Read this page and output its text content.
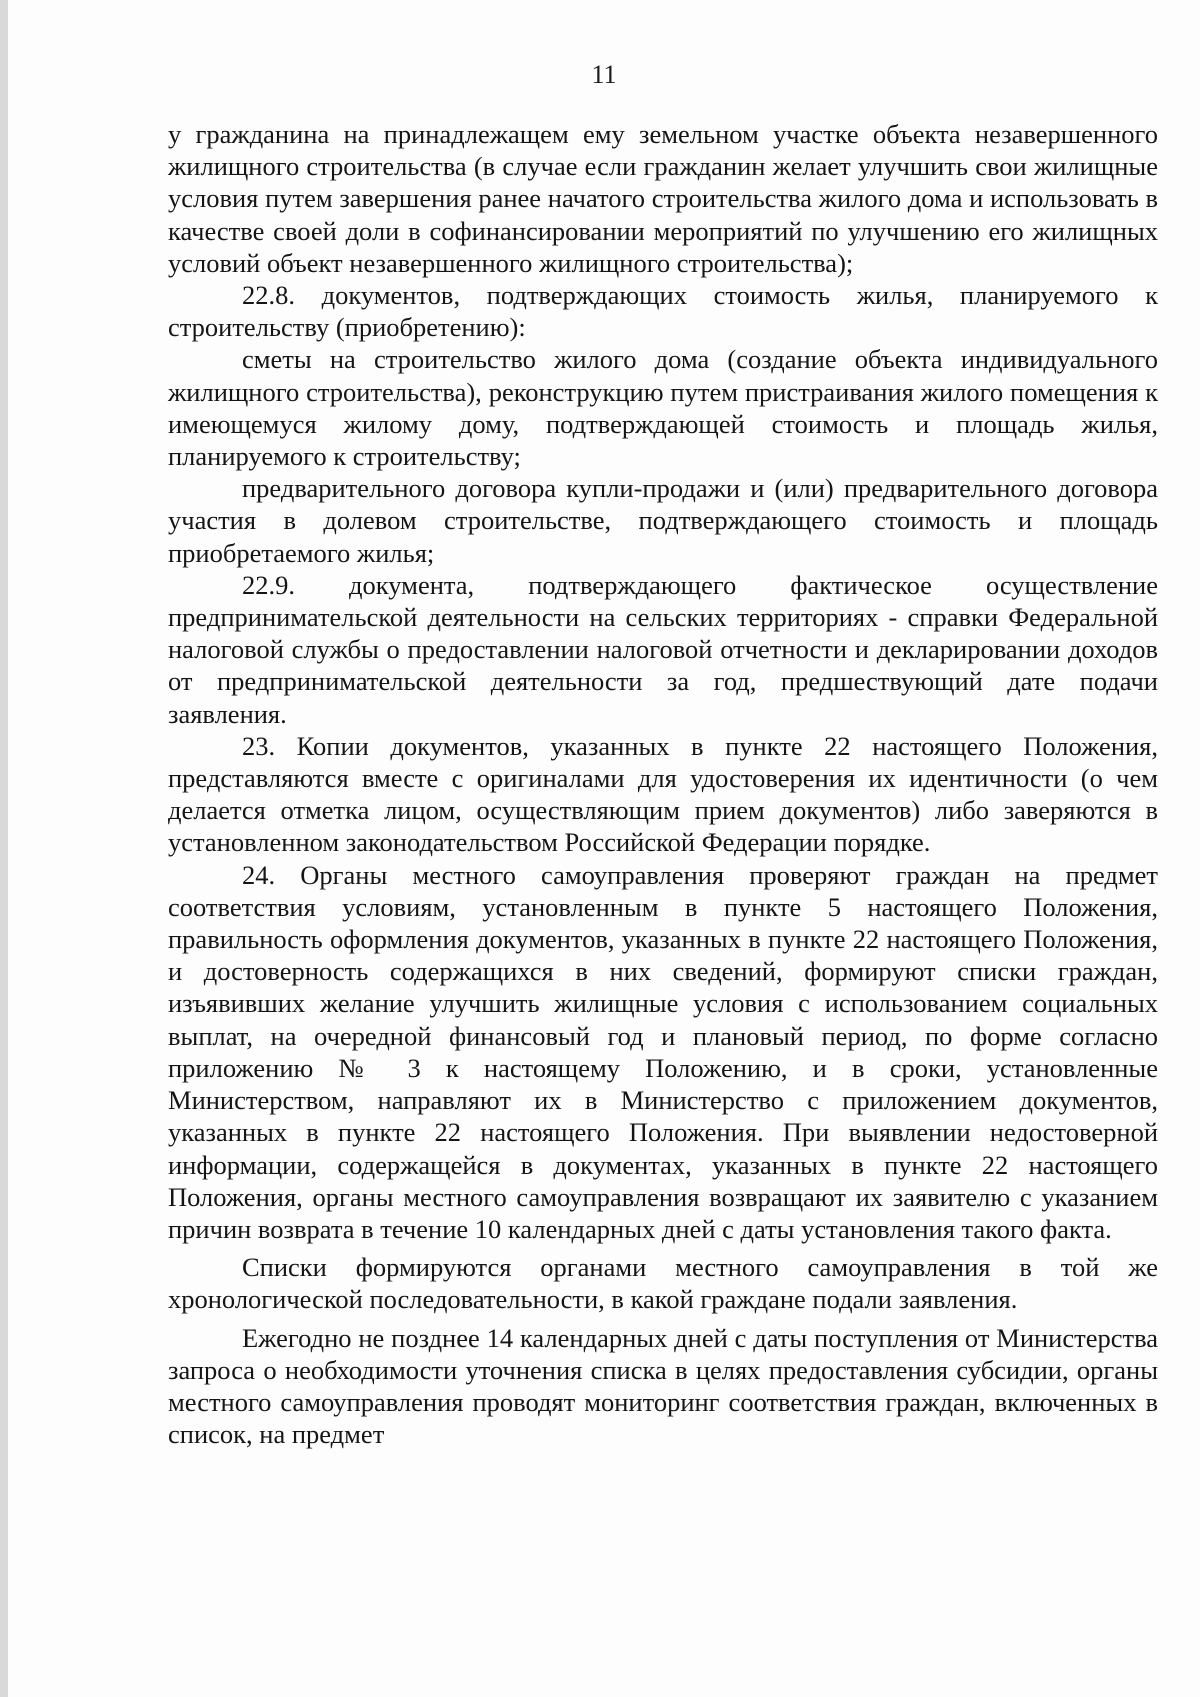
11

у гражданина на принадлежащем ему земельном участке объекта незавершенного жилищного строительства (в случае если гражданин желает улучшить свои жилищные условия путем завершения ранее начатого строительства жилого дома и использовать в качестве своей доли в софинансировании мероприятий по улучшению его жилищных условий объект незавершенного жилищного строительства);

22.8. документов, подтверждающих стоимость жилья, планируемого к строительству (приобретению):

сметы на строительство жилого дома (создание объекта индивидуального жилищного строительства), реконструкцию путем пристраивания жилого помещения к имеющемуся жилому дому, подтверждающей стоимость и площадь жилья, планируемого к строительству;

предварительного договора купли-продажи и (или) предварительного договора участия в долевом строительстве, подтверждающего стоимость и площадь приобретаемого жилья;

22.9. документа, подтверждающего фактическое осуществление предпринимательской деятельности на сельских территориях - справки Федеральной налоговой службы о предоставлении налоговой отчетности и декларировании доходов от предпринимательской деятельности за год, предшествующий дате подачи заявления.

23. Копии документов, указанных в пункте 22 настоящего Положения, представляются вместе с оригиналами для удостоверения их идентичности (о чем делается отметка лицом, осуществляющим прием документов) либо заверяются в установленном законодательством Российской Федерации порядке.

24. Органы местного самоуправления проверяют граждан на предмет соответствия условиям, установленным в пункте 5 настоящего Положения, правильность оформления документов, указанных в пункте 22 настоящего Положения, и достоверность содержащихся в них сведений, формируют списки граждан, изъявивших желание улучшить жилищные условия с использованием социальных выплат, на очередной финансовый год и плановый период, по форме согласно приложению № 3 к настоящему Положению, и в сроки, установленные Министерством, направляют их в Министерство с приложением документов, указанных в пункте 22 настоящего Положения. При выявлении недостоверной информации, содержащейся в документах, указанных в пункте 22 настоящего Положения, органы местного самоуправления возвращают их заявителю с указанием причин возврата в течение 10 календарных дней с даты установления такого факта.

Списки формируются органами местного самоуправления в той же хронологической последовательности, в какой граждане подали заявления.

Ежегодно не позднее 14 календарных дней с даты поступления от Министерства запроса о необходимости уточнения списка в целях предоставления субсидии, органы местного самоуправления проводят мониторинг соответствия граждан, включенных в список, на предмет
